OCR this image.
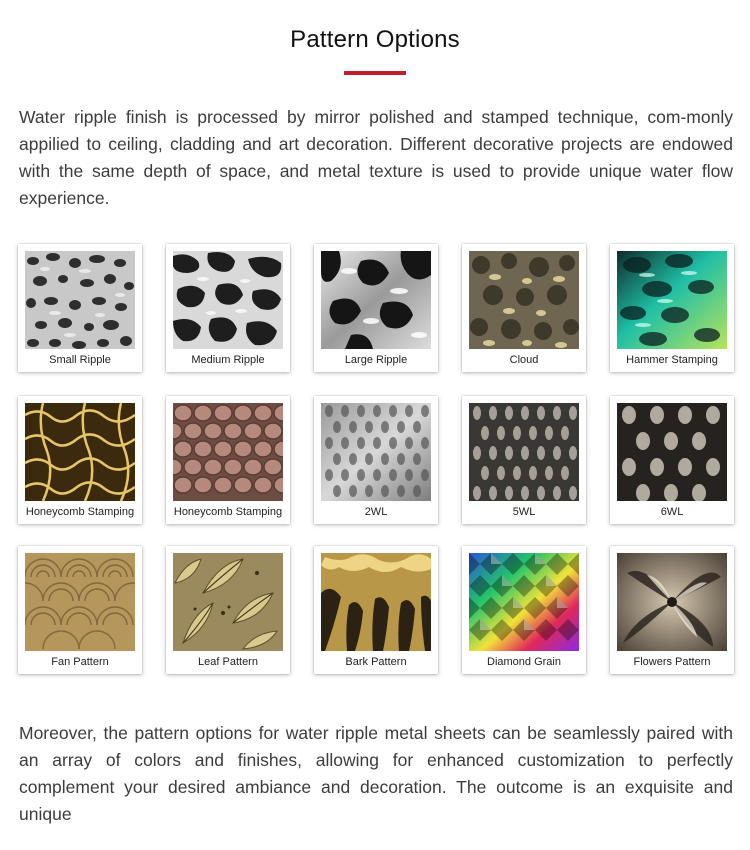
Pattern Options

Water ripple finish is processed by mirror polished and stamped technique, com‐monly appilied to ceiling, cladding and art decoration. Different decorative projects are endowed with the same depth of space, and metal texture is used to provide unique water flow experience.

Small Ripple	Medium Ripple	Large Ripple	Cloud	Hammer Stamping
Honeycomb Stamping	Honeycomb Stamping	2WL	5WL	6WL
Fan Pattern	Leaf Pattern	Bark Pattern	Diamond Grain	Flowers Pattern

Moreover, the pattern options for water ripple metal sheets can be seamlessly paired with an array of colors and finishes, allowing for enhanced customization to perfectly complement your desired ambiance and decoration. The outcome is an exquisite and unique
